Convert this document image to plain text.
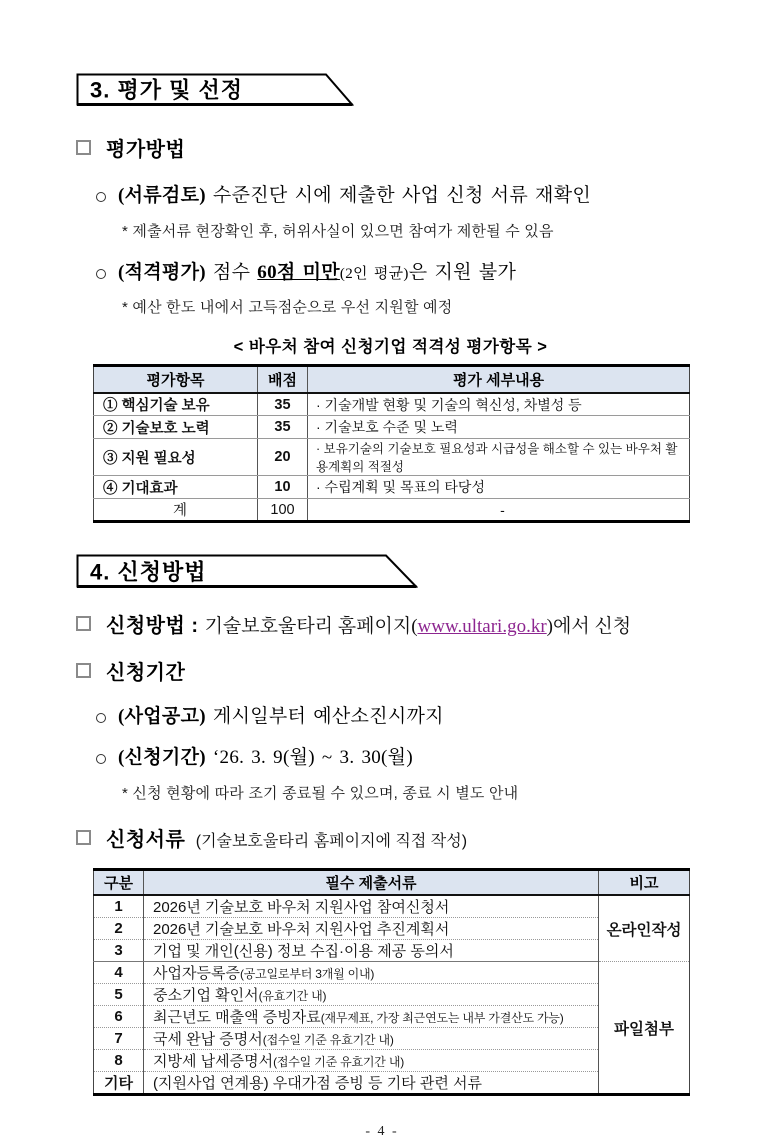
3. 평가 및 선정
평가방법
(서류검토) 수준진단 시에 제출한 사업 신청 서류 재확인
* 제출서류 현장확인 후, 허위사실이 있으면 참여가 제한될 수 있음
(적격평가) 점수 60점 미만(2인 평균)은 지원 불가
* 예산 한도 내에서 고득점순으로 우선 지원할 예정
< 바우처 참여 신청기업 적격성 평가항목 >
평가항목	배점	평가 세부내용
① 핵심기술 보유	35	· 기술개발 현황 및 기술의 혁신성, 차별성 등
② 기술보호 노력	35	· 기술보호 수준 및 노력
③ 지원 필요성	20	· 보유기술의 기술보호 필요성과 시급성을 해소할 수 있는 바우처 활용계획의 적절성
④ 기대효과	10	· 수립계획 및 목표의 타당성
계	100	-
4. 신청방법
신청방법 : 기술보호울타리 홈페이지(www.ultari.go.kr)에서 신청
신청기간
(사업공고) 게시일부터 예산소진시까지
(신청기간) ‘26. 3. 9(월) ~ 3. 30(월)
* 신청 현황에 따라 조기 종료될 수 있으며, 종료 시 별도 안내
신청서류 (기술보호울타리 홈페이지에 직접 작성)
구분	필수 제출서류	비고
1	2026년 기술보호 바우처 지원사업 참여신청서	온라인작성
2	2026년 기술보호 바우처 지원사업 추진계획서	
3	기업 및 개인(신용) 정보 수집·이용 제공 동의서	
4	사업자등록증(공고일로부터 3개월 이내)	파일첨부
5	중소기업 확인서(유효기간 내)	
6	최근년도 매출액 증빙자료(재무제표, 가장 최근연도는 내부 가결산도 가능)	
7	국세 완납 증명서(접수일 기준 유효기간 내)	
8	지방세 납세증명서(접수일 기준 유효기간 내)	
기타	(지원사업 연계용) 우대가점 증빙 등 기타 관련 서류	
- 4 -
